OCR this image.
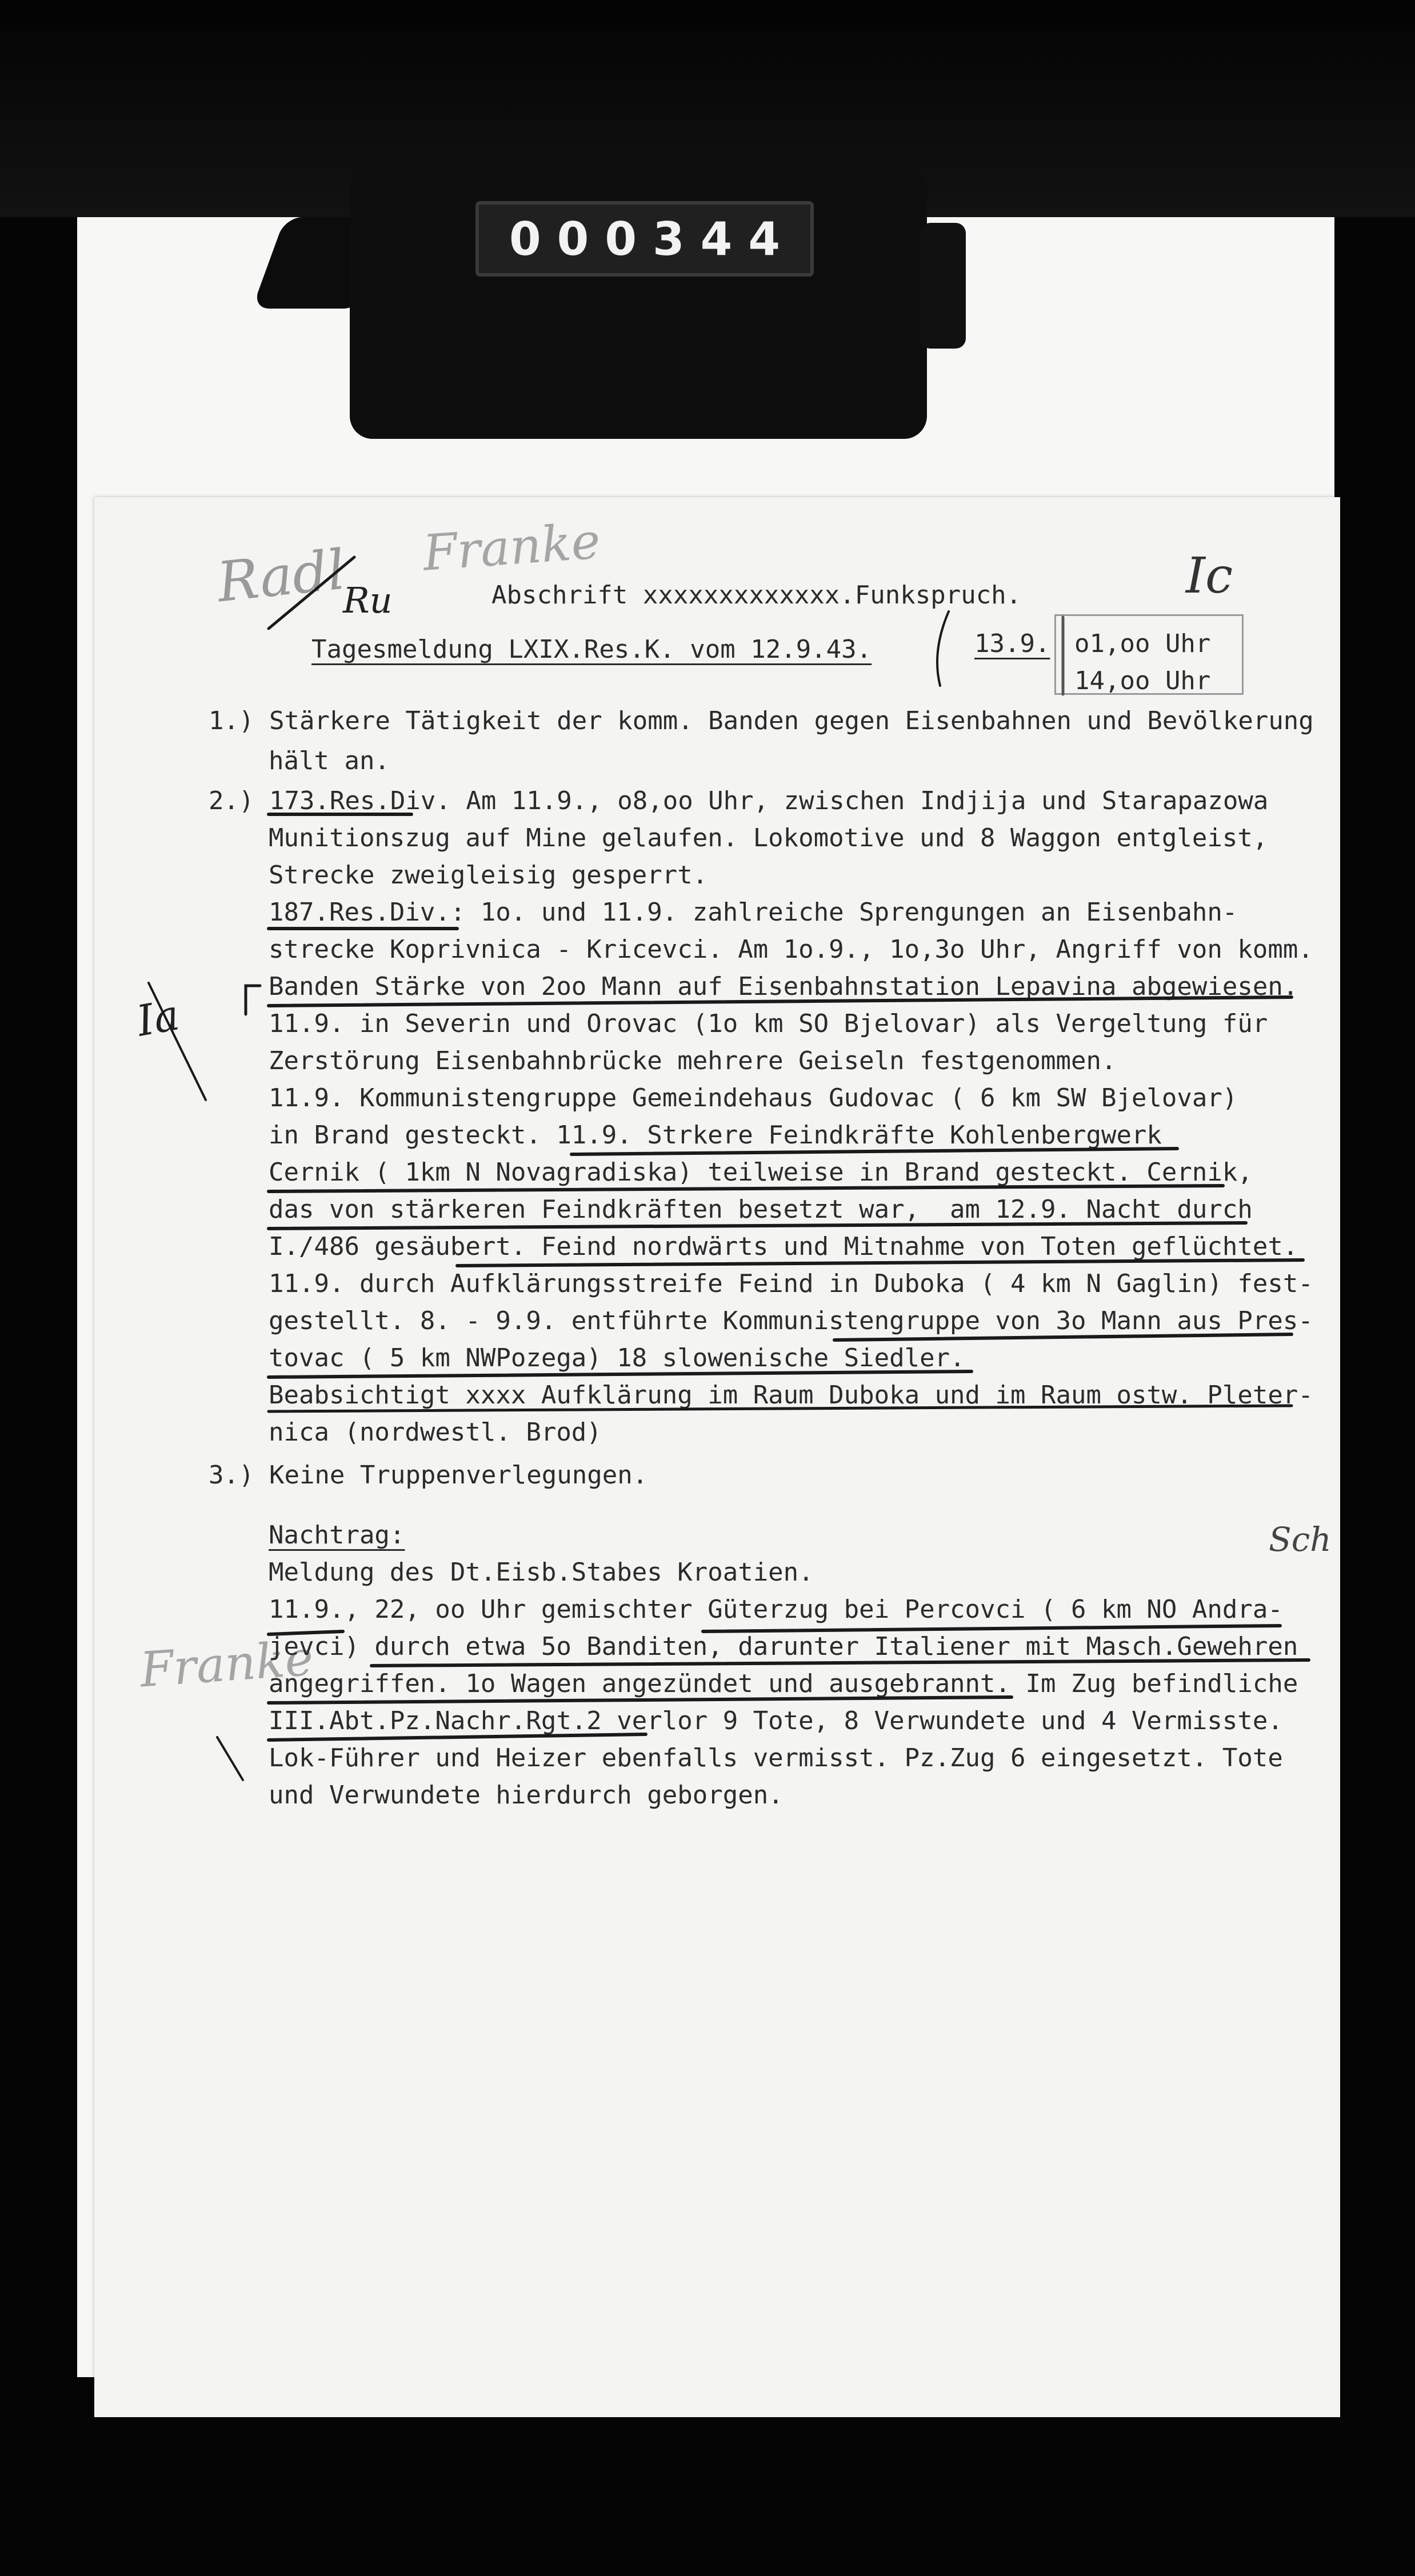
000344
Radl Franke
Ru	Ic
Ia
Sch
Franke
Abschrift xxxxxxxxxxxxx.Funkspruch.
Tagesmeldung LXIX.Res.K. vom 12.9.43.	13.9. o1,oo Uhr
14,oo Uhr
1.) Stärkere Tätigkeit der komm. Banden gegen Eisenbahnen und Bevölkerung
hält an.
2.) 173.Res.Div. Am 11.9., o8,oo Uhr, zwischen Indjija und Starapazowa
Munitionszug auf Mine gelaufen. Lokomotive und 8 Waggon entgleist,
Strecke zweigleisig gesperrt.
187.Res.Div.: 1o. und 11.9. zahlreiche Sprengungen an Eisenbahn-
strecke Koprivnica - Kricevci. Am 1o.9., 1o,3o Uhr, Angriff von komm.
Banden Stärke von 2oo Mann auf Eisenbahnstation Lepavina abgewiesen.
11.9. in Severin und Orovac (1o km SO Bjelovar) als Vergeltung für
Zerstörung Eisenbahnbrücke mehrere Geiseln festgenommen.
11.9. Kommunistengruppe Gemeindehaus Gudovac ( 6 km SW Bjelovar)
in Brand gesteckt. 11.9. Strkere Feindkräfte Kohlenbergwerk
Cernik ( 1km N Novagradiska) teilweise in Brand gesteckt. Cernik,
das von stärkeren Feindkräften besetzt war,  am 12.9. Nacht durch
I./486 gesäubert. Feind nordwärts und Mitnahme von Toten geflüchtet.
11.9. durch Aufklärungsstreife Feind in Duboka ( 4 km N Gaglin) fest-
gestellt. 8. - 9.9. entführte Kommunistengruppe von 3o Mann aus Pres-
tovac ( 5 km NWPozega) 18 slowenische Siedler.
Beabsichtigt xxxx Aufklärung im Raum Duboka und im Raum ostw. Pleter-
nica (nordwestl. Brod)
3.) Keine Truppenverlegungen.
Nachtrag:
Meldung des Dt.Eisb.Stabes Kroatien.
11.9., 22, oo Uhr gemischter Güterzug bei Percovci ( 6 km NO Andra-
jevci) durch etwa 5o Banditen, darunter Italiener mit Masch.Gewehren
angegriffen. 1o Wagen angezündet und ausgebrannt. Im Zug befindliche
III.Abt.Pz.Nachr.Rgt.2 verlor 9 Tote, 8 Verwundete und 4 Vermisste.
Lok-Führer und Heizer ebenfalls vermisst. Pz.Zug 6 eingesetzt. Tote
und Verwundete hierdurch geborgen.
